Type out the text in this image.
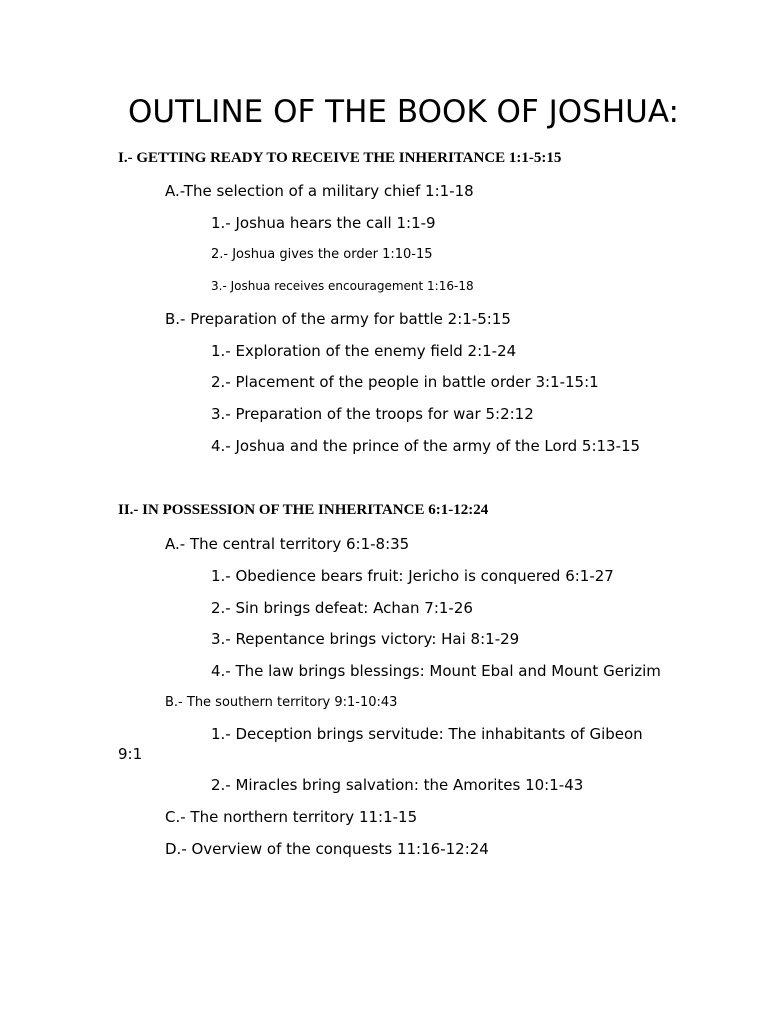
OUTLINE OF THE BOOK OF JOSHUA:
I.- GETTING READY TO RECEIVE THE INHERITANCE 1:1-5:15
A.-The selection of a military chief 1:1-18
1.- Joshua hears the call 1:1-9
2.- Joshua gives the order 1:10-15
3.- Joshua receives encouragement 1:16-18
B.- Preparation of the army for battle 2:1-5:15
1.- Exploration of the enemy field 2:1-24
2.- Placement of the people in battle order 3:1-15:1
3.- Preparation of the troops for war 5:2:12
4.- Joshua and the prince of the army of the Lord 5:13-15
II.- IN POSSESSION OF THE INHERITANCE 6:1-12:24
A.- The central territory 6:1-8:35
1.- Obedience bears fruit: Jericho is conquered 6:1-27
2.- Sin brings defeat: Achan 7:1-26
3.- Repentance brings victory: Hai 8:1-29
4.- The law brings blessings: Mount Ebal and Mount Gerizim
B.- The southern territory 9:1-10:43
1.- Deception brings servitude: The inhabitants of Gibeon
9:1
2.- Miracles bring salvation: the Amorites 10:1-43
C.- The northern territory 11:1-15
D.- Overview of the conquests 11:16-12:24
